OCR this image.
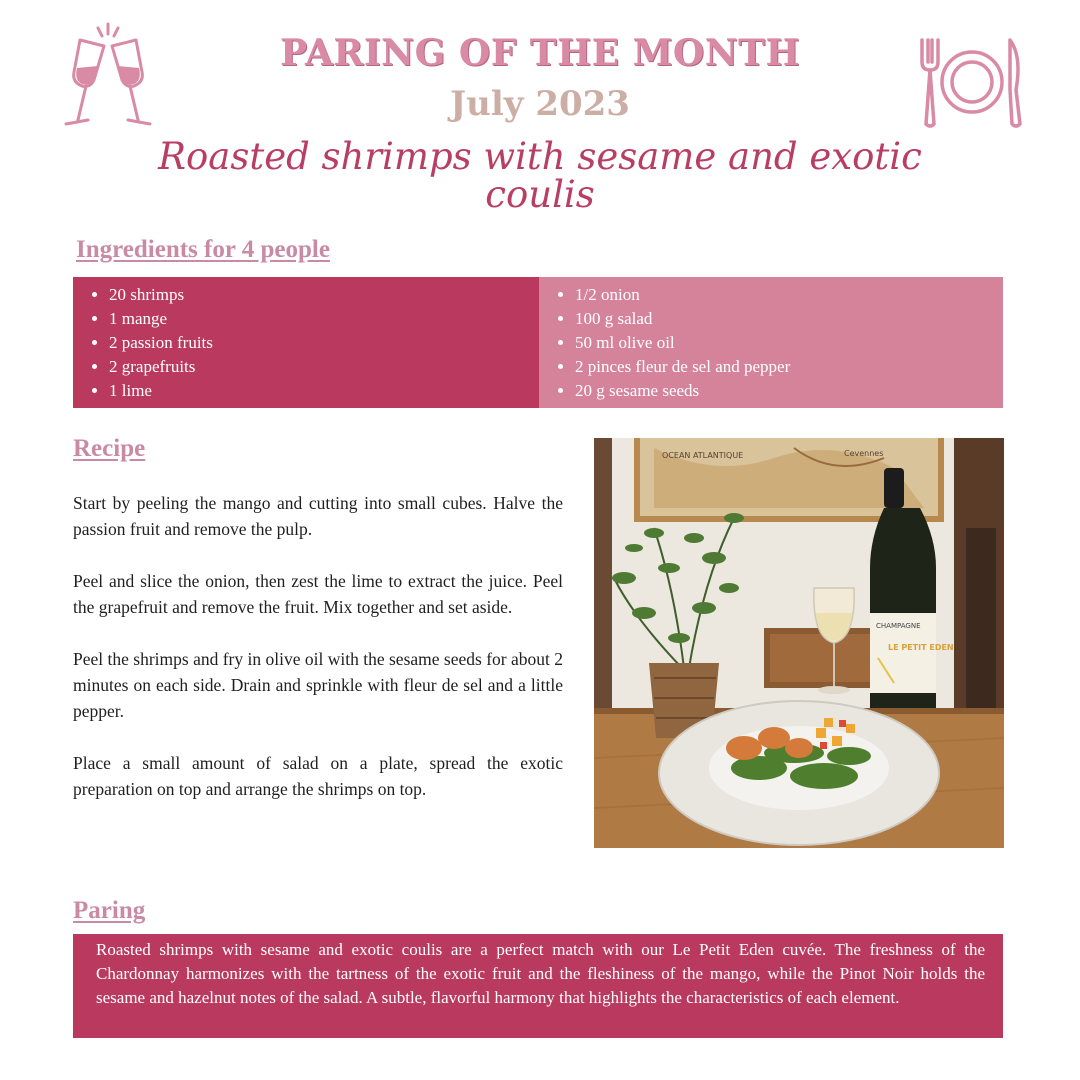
PARING OF THE MONTH
July 2023
Roasted shrimps with sesame and exotic coulis
Ingredients for 4 people
• 20 shrimps
• 1 mange
• 2 passion fruits
• 2 grapefruits
• 1 lime
• 1/2 onion
• 100 g salad
• 50 ml olive oil
• 2 pinces fleur de sel and pepper
• 20 g sesame seeds
Recipe

Start by peeling the mango and cutting into small cubes. Halve the passion fruit and remove the pulp.

Peel and slice the onion, then zest the lime to extract the juice. Peel the grapefruit and remove the fruit. Mix together and set aside.

Peel the shrimps and fry in olive oil with the sesame seeds for about 2 minutes on each side. Drain and sprinkle with fleur de sel and a little pepper.

Place a small amount of salad on a plate, spread the exotic preparation on top and arrange the shrimps on top.

OCEAN ATLANTIQUE	Cevennes
CHAMPAGNE
LE PETIT EDEN
Paring
Roasted shrimps with sesame and exotic coulis are a perfect match with our Le Petit Eden cuvée. The freshness of the Chardonnay harmonizes with the tartness of the exotic fruit and the fleshiness of the mango, while the Pinot Noir holds the sesame and hazelnut notes of the salad. A subtle, flavorful harmony that highlights the characteristics of each element.
